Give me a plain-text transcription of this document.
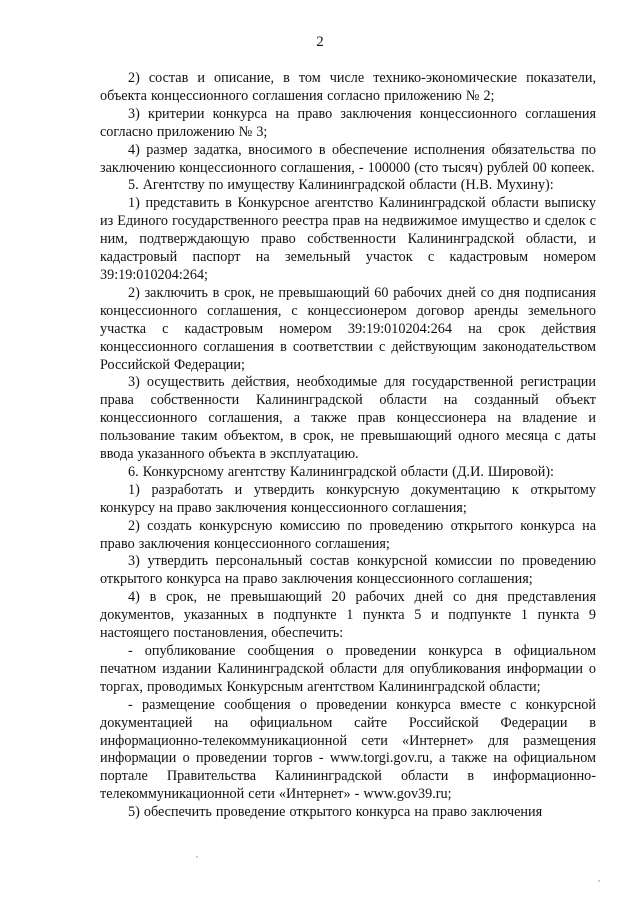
2

2) состав и описание, в том числе технико-экономические показатели, объекта концессионного соглашения согласно приложению № 2;

3) критерии конкурса на право заключения концессионного соглашения согласно приложению № 3;

4) размер задатка, вносимого в обеспечение исполнения обязательства по заключению концессионного соглашения, - 100000 (сто тысяч) рублей 00 копеек.

5. Агентству по имуществу Калининградской области (Н.В. Мухину):

1) представить в Конкурсное агентство Калининградской области выписку из Единого государственного реестра прав на недвижимое имущество и сделок с ним, подтверждающую право собственности Калининградской области, и кадастровый паспорт на земельный участок с кадастровым номером 39:19:010204:264;

2) заключить в срок, не превышающий 60 рабочих дней со дня подписания концессионного соглашения, с концессионером договор аренды земельного участка с кадастровым номером 39:19:010204:264 на срок действия концессионного соглашения в соответствии с действующим законодательством Российской Федерации;

3) осуществить действия, необходимые для государственной регистрации права собственности Калининградской области на созданный объект концессионного соглашения, а также прав концессионера на владение и пользование таким объектом, в срок, не превышающий одного месяца с даты ввода указанного объекта в эксплуатацию.

6. Конкурсному агентству Калининградской области (Д.И. Шировой):

1) разработать и утвердить конкурсную документацию к открытому конкурсу на право заключения концессионного соглашения;

2) создать конкурсную комиссию по проведению открытого конкурса на право заключения концессионного соглашения;

3) утвердить персональный состав конкурсной комиссии по проведению открытого конкурса на право заключения концессионного соглашения;

4) в срок, не превышающий 20 рабочих дней со дня представления документов, указанных в подпункте 1 пункта 5 и подпункте 1 пункта 9 настоящего постановления, обеспечить:

- опубликование сообщения о проведении конкурса в официальном печатном издании Калининградской области для опубликования информации о торгах, проводимых Конкурсным агентством Калининградской области;

- размещение сообщения о проведении конкурса вместе с конкурсной документацией на официальном сайте Российской Федерации в информационно-телекоммуникационной сети «Интернет» для размещения информации о проведении торгов - www.torgi.gov.ru, а также на официальном портале Правительства Калининградской области в информационно-телекоммуникационной сети «Интернет» - www.gov39.ru;

5) обеспечить проведение открытого конкурса на право заключения
